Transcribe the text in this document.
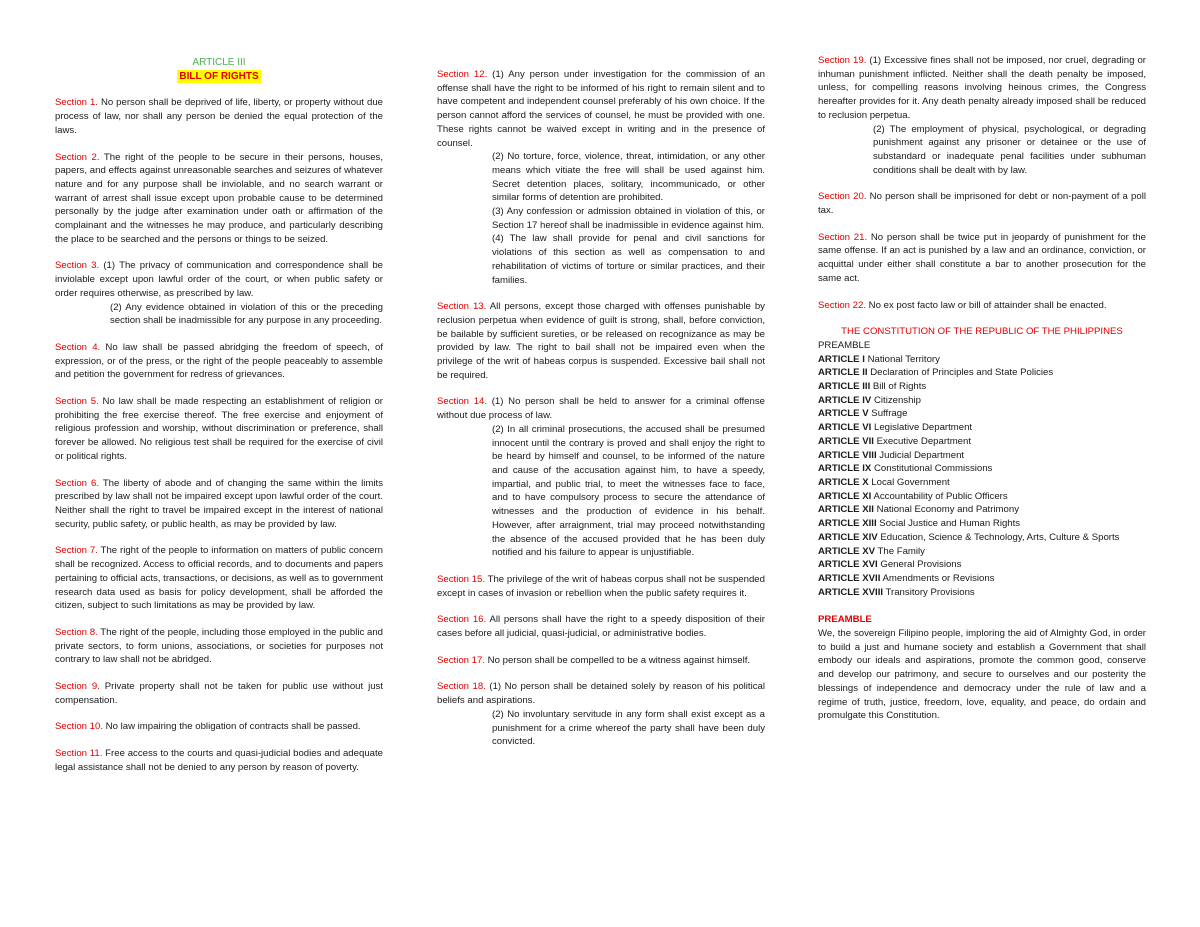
ARTICLE III
BILL OF RIGHTS

Section 1. No person shall be deprived of life, liberty, or property without due process of law, nor shall any person be denied the equal protection of the laws.

Section 2. The right of the people to be secure in their persons, houses, papers, and effects against unreasonable searches and seizures of whatever nature and for any purpose shall be inviolable, and no search warrant or warrant of arrest shall issue except upon probable cause to be determined personally by the judge after examination under oath or affirmation of the complainant and the witnesses he may produce, and particularly describing the place to be searched and the persons or things to be seized.

Section 3. (1) The privacy of communication and correspondence shall be inviolable except upon lawful order of the court, or when public safety or order requires otherwise, as prescribed by law.
(2) Any evidence obtained in violation of this or the preceding section shall be inadmissible for any purpose in any proceeding.

Section 4. No law shall be passed abridging the freedom of speech, of expression, or of the press, or the right of the people peaceably to assemble and petition the government for redress of grievances.

Section 5. No law shall be made respecting an establishment of religion or prohibiting the free exercise thereof. The free exercise and enjoyment of religious profession and worship, without discrimination or preference, shall forever be allowed. No religious test shall be required for the exercise of civil or political rights.

Section 6. The liberty of abode and of changing the same within the limits prescribed by law shall not be impaired except upon lawful order of the court. Neither shall the right to travel be impaired except in the interest of national security, public safety, or public health, as may be provided by law.

Section 7. The right of the people to information on matters of public concern shall be recognized. Access to official records, and to documents and papers pertaining to official acts, transactions, or decisions, as well as to government research data used as basis for policy development, shall be afforded the citizen, subject to such limitations as may be provided by law.

Section 8. The right of the people, including those employed in the public and private sectors, to form unions, associations, or societies for purposes not contrary to law shall not be abridged.

Section 9. Private property shall not be taken for public use without just compensation.

Section 10. No law impairing the obligation of contracts shall be passed.

Section 11. Free access to the courts and quasi-judicial bodies and adequate legal assistance shall not be denied to any person by reason of poverty.

Section 12. (1) Any person under investigation for the commission of an offense shall have the right to be informed of his right to remain silent and to have competent and independent counsel preferably of his own choice. If the person cannot afford the services of counsel, he must be provided with one. These rights cannot be waived except in writing and in the presence of counsel.
(2) No torture, force, violence, threat, intimidation, or any other means which vitiate the free will shall be used against him. Secret detention places, solitary, incommunicado, or other similar forms of detention are prohibited.
(3) Any confession or admission obtained in violation of this, or Section 17 hereof shall be inadmissible in evidence against him.
(4) The law shall provide for penal and civil sanctions for violations of this section as well as compensation to and rehabilitation of victims of torture or similar practices, and their families.

Section 13. All persons, except those charged with offenses punishable by reclusion perpetua when evidence of guilt is strong, shall, before conviction, be bailable by sufficient sureties, or be released on recognizance as may be provided by law. The right to bail shall not be impaired even when the privilege of the writ of habeas corpus is suspended. Excessive bail shall not be required.

Section 14. (1) No person shall be held to answer for a criminal offense without due process of law.
(2) In all criminal prosecutions, the accused shall be presumed innocent until the contrary is proved and shall enjoy the right to be heard by himself and counsel, to be informed of the nature and cause of the accusation against him, to have a speedy, impartial, and public trial, to meet the witnesses face to face, and to have compulsory process to secure the attendance of witnesses and the production of evidence in his behalf. However, after arraignment, trial may proceed notwithstanding the absence of the accused provided that he has been duly notified and his failure to appear is unjustifiable.

Section 15. The privilege of the writ of habeas corpus shall not be suspended except in cases of invasion or rebellion when the public safety requires it.

Section 16. All persons shall have the right to a speedy disposition of their cases before all judicial, quasi-judicial, or administrative bodies.

Section 17. No person shall be compelled to be a witness against himself.

Section 18. (1) No person shall be detained solely by reason of his political beliefs and aspirations.
(2) No involuntary servitude in any form shall exist except as a punishment for a crime whereof the party shall have been duly convicted.

Section 19. (1) Excessive fines shall not be imposed, nor cruel, degrading or inhuman punishment inflicted. Neither shall the death penalty be imposed, unless, for compelling reasons involving heinous crimes, the Congress hereafter provides for it. Any death penalty already imposed shall be reduced to reclusion perpetua.
(2) The employment of physical, psychological, or degrading punishment against any prisoner or detainee or the use of substandard or inadequate penal facilities under subhuman conditions shall be dealt with by law.

Section 20. No person shall be imprisoned for debt or non-payment of a poll tax.

Section 21. No person shall be twice put in jeopardy of punishment for the same offense. If an act is punished by a law and an ordinance, conviction, or acquittal under either shall constitute a bar to another prosecution for the same act.

Section 22. No ex post facto law or bill of attainder shall be enacted.

THE CONSTITUTION OF THE REPUBLIC OF THE PHILIPPINES

PREAMBLE

ARTICLE I National Territory
ARTICLE II Declaration of Principles and State Policies
ARTICLE III Bill of Rights
ARTICLE IV Citizenship
ARTICLE V Suffrage
ARTICLE VI Legislative Department
ARTICLE VII Executive Department
ARTICLE VIII Judicial Department
ARTICLE IX Constitutional Commissions
ARTICLE X Local Government
ARTICLE XI Accountability of Public Officers
ARTICLE XII National Economy and Patrimony
ARTICLE XIII Social Justice and Human Rights
ARTICLE XIV Education, Science & Technology, Arts, Culture & Sports
ARTICLE XV The Family
ARTICLE XVI General Provisions
ARTICLE XVII Amendments or Revisions
ARTICLE XVIII Transitory Provisions

PREAMBLE

We, the sovereign Filipino people, imploring the aid of Almighty God, in order to build a just and humane society and establish a Government that shall embody our ideals and aspirations, promote the common good, conserve and develop our patrimony, and secure to ourselves and our posterity the blessings of independence and democracy under the rule of law and a regime of truth, justice, freedom, love, equality, and peace, do ordain and promulgate this Constitution.
